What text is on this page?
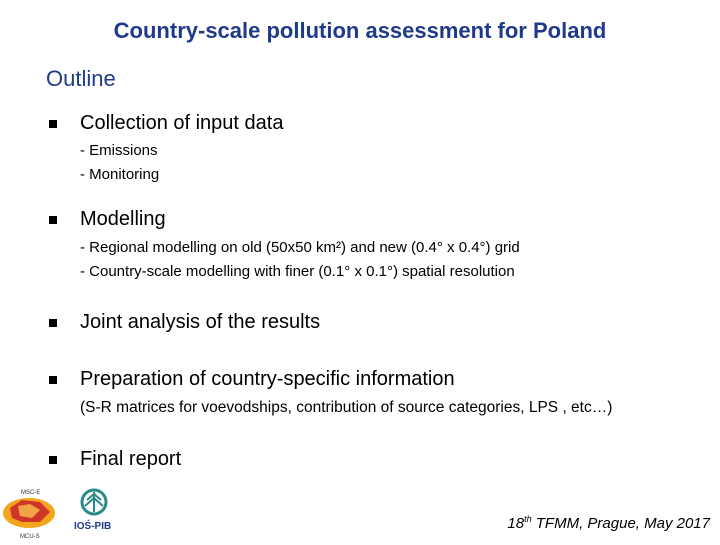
Country-scale pollution assessment for Poland
Outline
Collection of input data
- Emissions
- Monitoring
Modelling
- Regional modelling on old (50x50 km²) and new (0.4° x 0.4°) grid
- Country-scale modelling with finer (0.1° x 0.1°) spatial resolution
Joint analysis of the results
Preparation of country-specific information
(S-R matrices for voevodships, contribution of source categories, LPS , etc…)
Final report
MSC-E
MCU-S
IOŚ-PIB	18th TFMM, Prague, May 2017
